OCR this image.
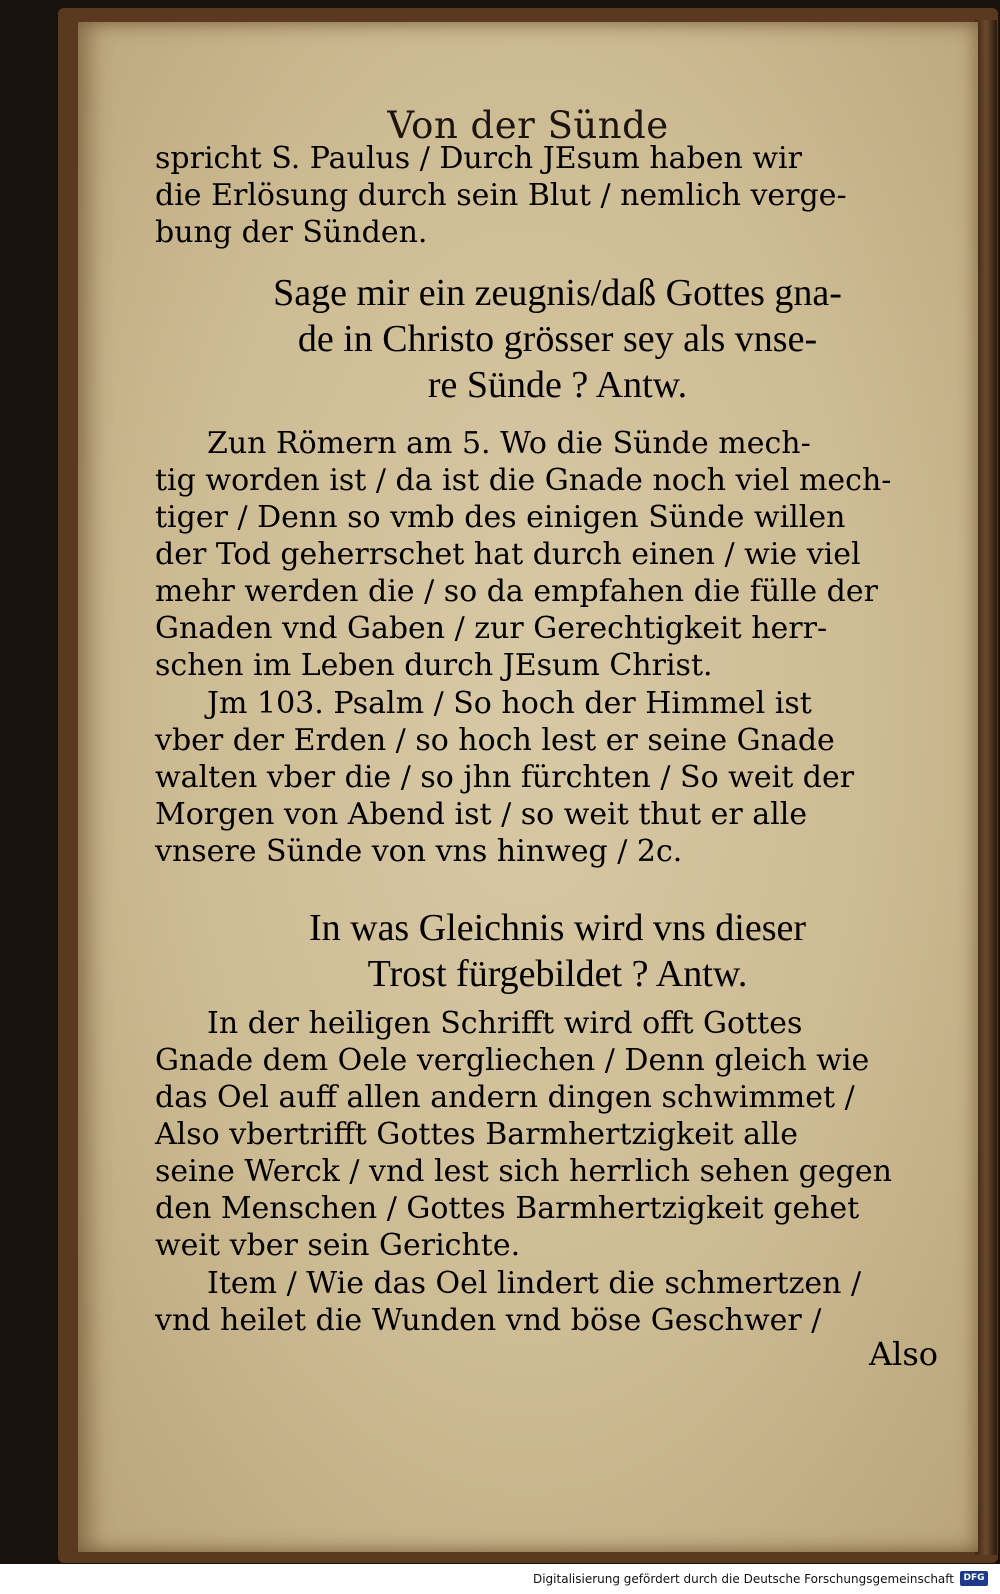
Von der Sünde
spricht S. Paulus / Durch JEsum haben wir
die Erlösung durch sein Blut / nemlich verge-
bung der Sünden.
Sage mir ein zeugnis/daß Gottes gna-
de in Christo grösser sey als vnse-
re Sünde ? Antw.
Zun Römern am 5. Wo die Sünde mech-
tig worden ist / da ist die Gnade noch viel mech-
tiger / Denn so vmb des einigen Sünde willen
der Tod geherrschet hat durch einen / wie viel
mehr werden die / so da empfahen die fülle der
Gnaden vnd Gaben / zur Gerechtigkeit herr-
schen im Leben durch JEsum Christ.
Jm 103. Psalm / So hoch der Himmel ist
vber der Erden / so hoch lest er seine Gnade
walten vber die / so jhn fürchten / So weit der
Morgen von Abend ist / so weit thut er alle
vnsere Sünde von vns hinweg / 2c.
In was Gleichnis wird vns dieser
Trost fürgebildet ? Antw.
In der heiligen Schrifft wird offt Gottes
Gnade dem Oele vergliechen / Denn gleich wie
das Oel auff allen andern dingen schwimmet /
Also vbertrifft Gottes Barmhertzigkeit alle
seine Werck / vnd lest sich herrlich sehen gegen
den Menschen / Gottes Barmhertzigkeit gehet
weit vber sein Gerichte.
Item / Wie das Oel lindert die schmertzen /
vnd heilet die Wunden vnd böse Geschwer /
Also
Digitalisierung gefördert durch die Deutsche Forschungsgemeinschaft	DFG
